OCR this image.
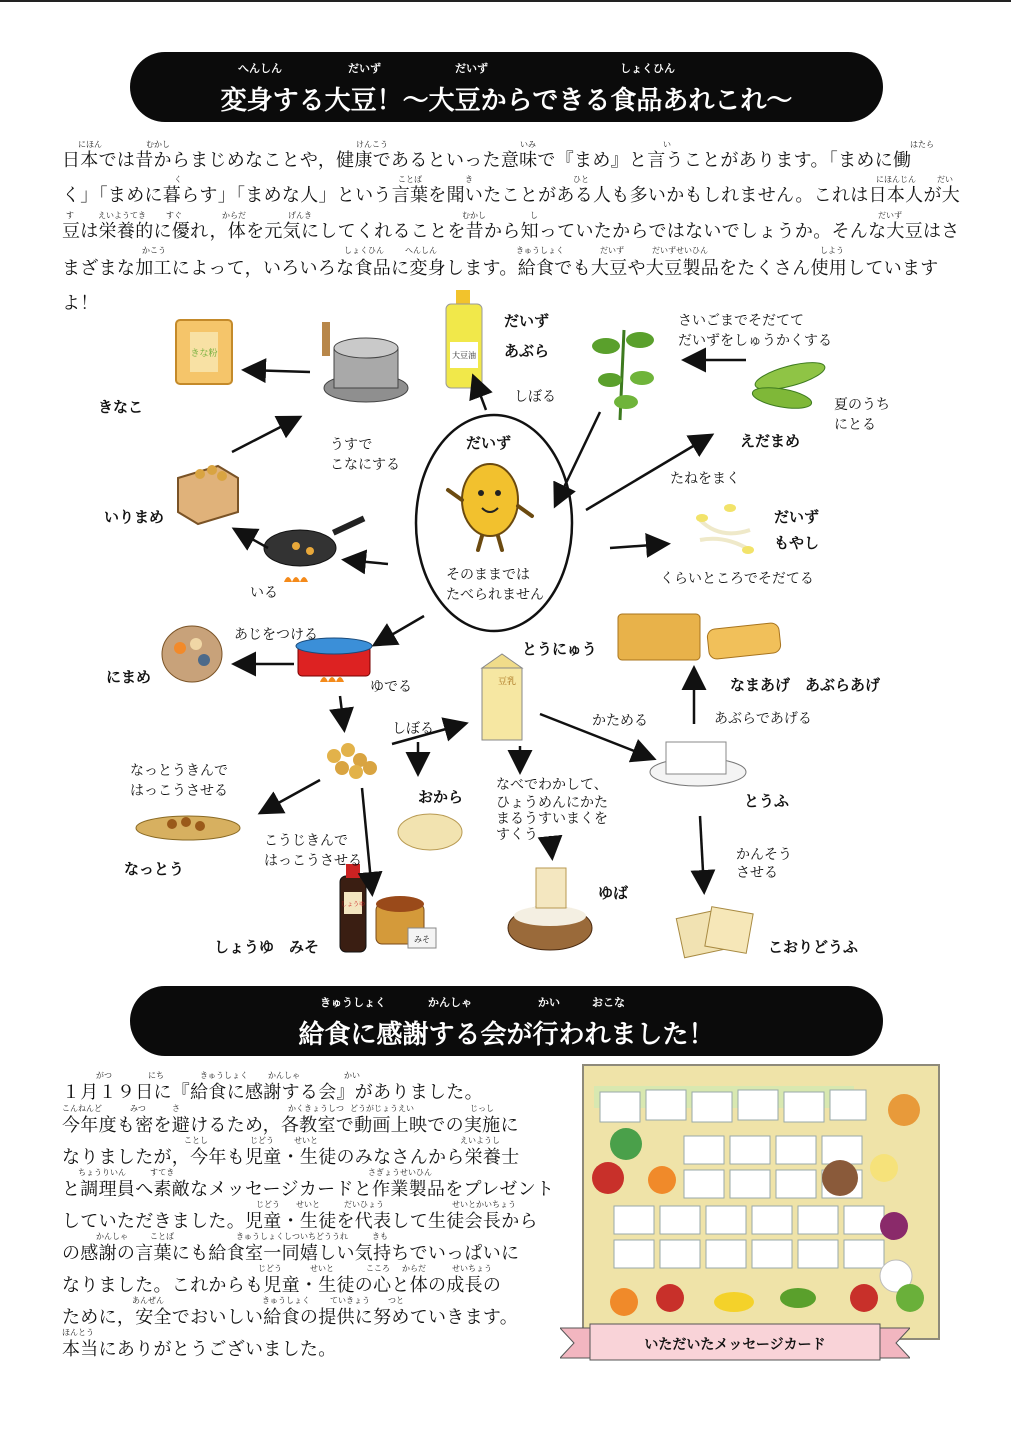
へんしん	だいず	だいず	しょくひん
変身する大豆！～大豆からできる食品あれこれ～
にほん	むかし	けんこう	いみ	い	はたら
日本では昔からまじめなことや，健康であるといった意味で『まめ』と言うことがあります。「まめに働
く	ことば	き	ひと	にほんじん	だい
く」「まめに暮らす」「まめな人」という言葉を聞いたことがある人も多いかもしれません。これは日本人が大
す	えいようてき	すぐ	からだ	げんき	むかし	し	だいず
豆は栄養的に優れ，体を元気にしてくれることを昔から知っていたからではないでしょうか。そんな大豆はさ
かこう	しょくひん	へんしん	きゅうしょく	だいず	だいずせいひん	しよう
まざまな加工によって，いろいろな食品に変身します。給食でも大豆や大豆製品をたくさん使用しています
よ！
きな粉	大豆油
豆乳
しょうゆ
みそ
だいず
そのままでは
たべられません
きなこ
うすで
こなにする
いりまめ
いる
だいず
あぶら
しぼる
さいごまでそだてて
だいずをしゅうかくする
えだまめ
夏のうち
にとる
たねをまく
だいず
もやし
くらいところでそだてる
あじをつける
にまめ
ゆでる
とうにゅう
なまあげ　あぶらあげ
あぶらであげる
かためる
しぼる
なっとうきんで
はっこうさせる
なっとう
おから
こうじきんで
はっこうさせる
なべでわかして、
ひょうめんにかた
まるうすいまくを
すくう
ゆば
とうふ
かんそう
させる
こおりどうふ
しょうゆ　みそ
きゅうしょく	かんしゃ	かい	おこな
給食に感謝する会が行われました！
がつ	にち	きゅうしょく	かんしゃ	かい
１月１９日に『給食に感謝する会』がありました。
こんねんど	みつ	さ	かくきょうしつ どうがじょうえい	じっし
今年度も密を避けるため，各教室で動画上映での実施に
ことし	じどう	せいと	えいようし
なりましたが，今年も児童・生徒のみなさんから栄養士
ちょうりいん	すてき	さぎょうせいひん
と調理員へ素敵なメッセージカードと作業製品をプレゼント
じどう せいと	だいひょう	せいとかいちょう
していただきました。児童・生徒を代表して生徒会長から
かんしゃ	ことば	きゅうしょくしついちどううれ	きも
の感謝の言葉にも給食室一同嬉しい気持ちでいっぱいに
じどう	せいと	こころ からだ	せいちょう
なりました。これからも児童・生徒の心と体の成長の
あんぜん	きゅうしょく	ていきょう つと
ために，安全でおいしい給食の提供に努めていきます。
ほんとう
本当にありがとうございました。	いただいたメッセージカード
